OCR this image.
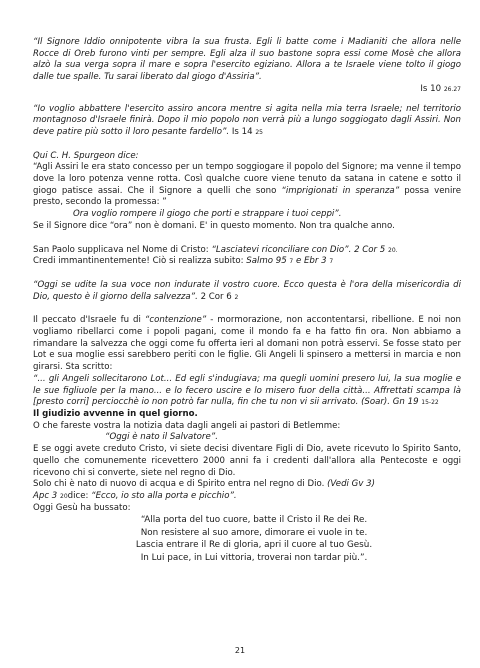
“Il Signore Iddio onnipotente vibra la sua frusta. Egli li batte come i Madianiti che allora nelle Rocce di Oreb furono vinti per sempre. Egli alza il suo bastone sopra essi come Mosè che allora alzò la sua verga sopra il mare e sopra l'esercito egiziano. Allora a te Israele viene tolto il giogo dalle tue spalle. Tu sarai liberato dal giogo d'Assiria”.

Is 10 26.27

“Io voglio abbattere l'esercito assiro ancora mentre si agita nella mia terra Israele; nel territorio montagnoso d'Israele finirà. Dopo il mio popolo non verrà più a lungo soggiogato dagli Assiri. Non deve patire più sotto il loro pesante fardello”. Is 14 25

Qui C. H. Spurgeon dice:

“Agli Assiri le era stato concesso per un tempo soggiogare il popolo del Signore; ma venne il tempo dove la loro potenza venne rotta. Così qualche cuore viene tenuto da satana in catene e sotto il giogo patisce assai. Che il Signore a quelli che sono “imprigionati in speranza” possa venire presto, secondo la promessa: ”

Ora voglio rompere il giogo che porti e strappare i tuoi ceppi”.

Se il Signore dice “ora” non è domani. E' in questo momento. Non tra qualche anno.

San Paolo supplicava nel Nome di Cristo: “Lasciatevi riconciliare con Dio”. 2 Cor 5 20.

Credi immantinentemente! Ciò si realizza subito: Salmo 95 7 e Ebr 3 7

“Oggi se udite la sua voce non indurate il vostro cuore. Ecco questa è l'ora della misericordia di Dio, questo è il giorno della salvezza”. 2 Cor 6 2

Il peccato d'Israele fu di “contenzione” - mormorazione, non accontentarsi, ribellione. E noi non vogliamo ribellarci come i popoli pagani, come il mondo fa e ha fatto fin ora. Non abbiamo a rimandare la salvezza che oggi come fu offerta ieri al domani non potrà esservi. Se fosse stato per Lot e sua moglie essi sarebbero periti con le figlie. Gli Angeli li spinsero a mettersi in marcia e non girarsi. Sta scritto:

“... gli Angeli sollecitarono Lot... Ed egli s'indugiava; ma quegli uomini presero lui, la sua moglie e le sue figliuole per la mano... e lo fecero uscire e lo misero fuor della città... Affrettati scampa là [presto corri] perciocchè io non potrò far nulla, fin che tu non vi sii arrivato. (Soar). Gn 19 15-22

Il giudizio avvenne in quel giorno.

O che farestе vostra la notizia data dagli angeli ai pastori di Betlemme:

“Oggi è nato il Salvatore”.

E se oggi avete creduto Cristo, vi siete decisi diventare Figli di Dio, avete ricevuto lo Spirito Santo, quello che comunemente ricevettero 2000 anni fa i credenti dall'allora alla Pentecoste e oggi ricevono chi si converte, siete nel regno di Dio.

Solo chi è nato di nuovo di acqua e di Spirito entra nel regno di Dio. (Vedi Gv 3)

Apc 3 20dice: “Ecco, io sto alla porta e picchio”.

Oggi Gesù ha bussato:

“Alla porta del tuo cuore, batte il Cristo il Re dei Re.
Non resistere al suo amore, dimorare ei vuole in te.
Lascia entrare il Re di gloria, apri il cuore al tuo Gesù.
In Lui pace, in Lui vittoria, troverai non tardar più.”.
21
